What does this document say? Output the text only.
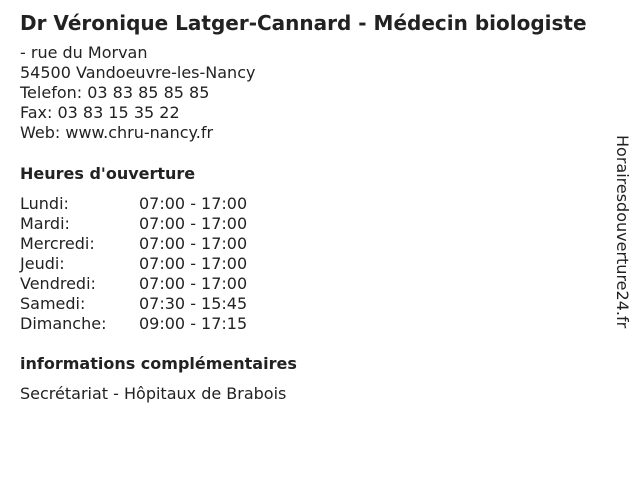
Dr Véronique Latger-Cannard - Médecin biologiste
- rue du Morvan
54500 Vandoeuvre-les-Nancy
Telefon: 03 83 85 85 85
Fax: 03 83 15 35 22
Web: www.chru-nancy.fr
Heures d'ouverture
Lundi:	07:00 - 17:00
Mardi:	07:00 - 17:00
Mercredi:	07:00 - 17:00
Jeudi:	07:00 - 17:00
Vendredi:	07:00 - 17:00
Samedi:	07:30 - 15:45
Dimanche:	09:00 - 17:15
informations complémentaires
Secrétariat - Hôpitaux de Brabois
Horairesdouverture24.fr
